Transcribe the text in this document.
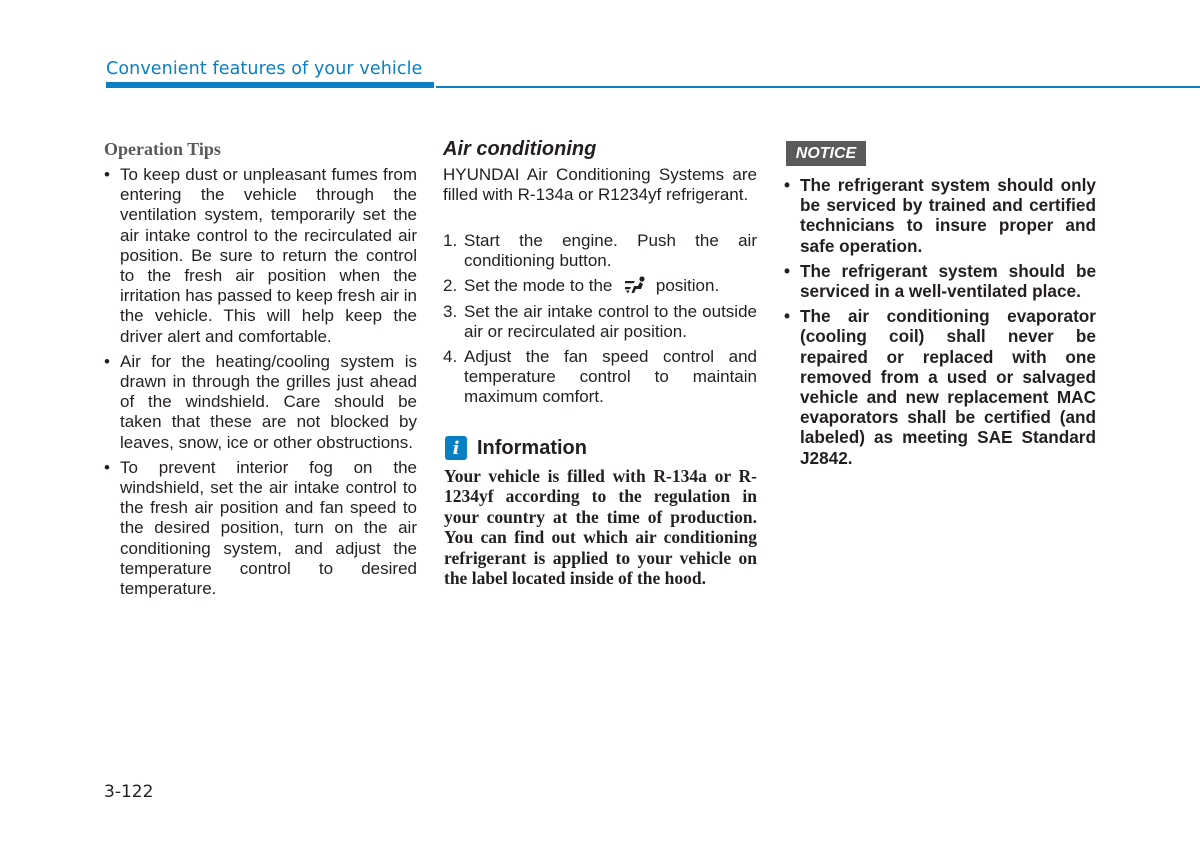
Convenient features of your vehicle
Operation Tips
• To keep dust or unpleasant fumes from entering the vehicle through the ventilation system, temporarily set the air intake control to the recirculated air position. Be sure to return the control to the fresh air position when the irritation has passed to keep fresh air in the vehicle. This will help keep the driver alert and comfortable.
• Air for the heating/cooling system is drawn in through the grilles just ahead of the windshield. Care should be taken that these are not blocked by leaves, snow, ice or other obstructions.
• To prevent interior fog on the windshield, set the air intake control to the fresh air position and fan speed to the desired position, turn on the air conditioning system, and adjust the temperature control to desired temperature.
Air conditioning

HYUNDAI Air Conditioning Systems are filled with R-134a or R1234yf refrigerant.

1. Start the engine. Push the air conditioning button.
2. Set the mode to the	position.
3. Set the air intake control to the outside air or recirculated air position.
4. Adjust the fan speed control and temperature control to maintain maximum comfort.
i Information

Your vehicle is filled with R-134a or R-1234yf according to the regulation in your country at the time of production. You can find out which air conditioning refrigerant is applied to your vehicle on the label located inside of the hood.

NOTICE
• The refrigerant system should only be serviced by trained and certified technicians to insure proper and safe operation.
• The refrigerant system should be serviced in a well-ventilated place.
• The air conditioning evaporator (cooling coil) shall never be repaired or replaced with one removed from a used or salvaged vehicle and new replacement MAC evaporators shall be certified (and labeled) as meeting SAE Standard J2842.
3-122
